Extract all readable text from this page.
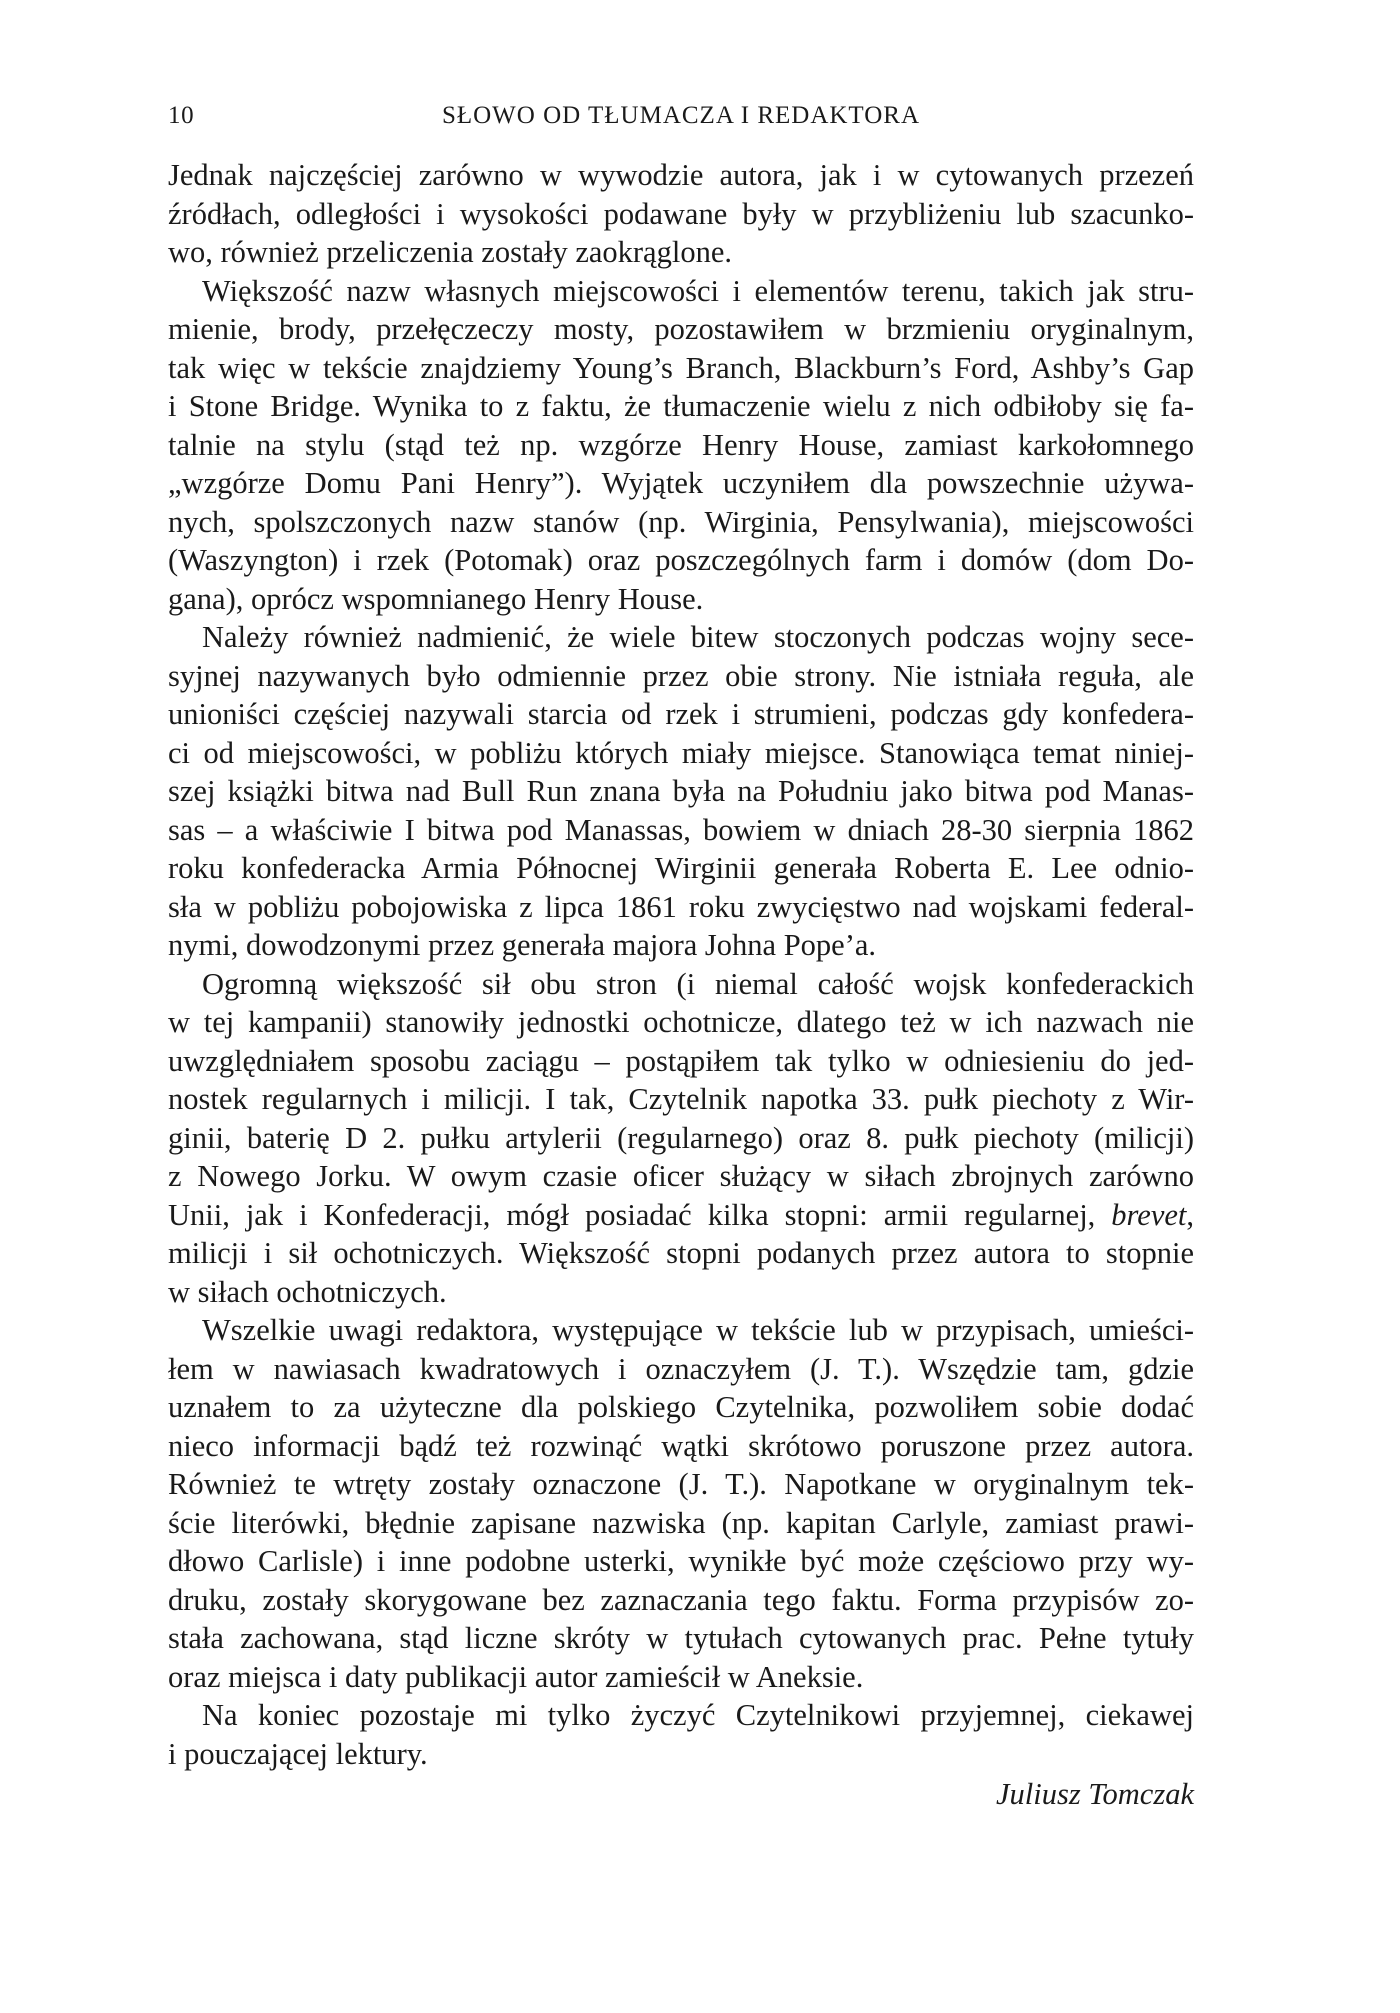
10	SŁOWO OD TŁUMACZA I REDAKTORA

Jednak najczęściej zarówno w wywodzie autora, jak i w cytowanych przezeń
źródłach, odległości i wysokości podawane były w przybliżeniu lub szacunko-
wo, również przeliczenia zostały zaokrąglone.

Większość nazw własnych miejscowości i elementów terenu, takich jak stru-
mienie, brody, przełęczeczy mosty, pozostawiłem w brzmieniu oryginalnym,
tak więc w tekście znajdziemy Young’s Branch, Blackburn’s Ford, Ashby’s Gap
i Stone Bridge. Wynika to z faktu, że tłumaczenie wielu z nich odbiłoby się fa-
talnie na stylu (stąd też np. wzgórze Henry House, zamiast karkołomnego
„wzgórze Domu Pani Henry”). Wyjątek uczyniłem dla powszechnie używa-
nych, spolszczonych nazw stanów (np. Wirginia, Pensylwania), miejscowości
(Waszyngton) i rzek (Potomak) oraz poszczególnych farm i domów (dom Do-
gana), oprócz wspomnianego Henry House.

Należy również nadmienić, że wiele bitew stoczonych podczas wojny sece-
syjnej nazywanych było odmiennie przez obie strony. Nie istniała reguła, ale
unioniści częściej nazywali starcia od rzek i strumieni, podczas gdy konfedera-
ci od miejscowości, w pobliżu których miały miejsce. Stanowiąca temat niniej-
szej książki bitwa nad Bull Run znana była na Południu jako bitwa pod Manas-
sas – a właściwie I bitwa pod Manassas, bowiem w dniach 28-30 sierpnia 1862
roku konfederacka Armia Północnej Wirginii generała Roberta E. Lee odnio-
sła w pobliżu pobojowiska z lipca 1861 roku zwycięstwo nad wojskami federal-
nymi, dowodzonymi przez generała majora Johna Pope’a.

Ogromną większość sił obu stron (i niemal całość wojsk konfederackich
w tej kampanii) stanowiły jednostki ochotnicze, dlatego też w ich nazwach nie
uwzględniałem sposobu zaciągu – postąpiłem tak tylko w odniesieniu do jed-
nostek regularnych i milicji. I tak, Czytelnik napotka 33. pułk piechoty z Wir-
ginii, baterię D 2. pułku artylerii (regularnego) oraz 8. pułk piechoty (milicji)
z Nowego Jorku. W owym czasie oficer służący w siłach zbrojnych zarówno
Unii, jak i Konfederacji, mógł posiadać kilka stopni: armii regularnej, brevet,
milicji i sił ochotniczych. Większość stopni podanych przez autora to stopnie
w siłach ochotniczych.

Wszelkie uwagi redaktora, występujące w tekście lub w przypisach, umieści-
łem w nawiasach kwadratowych i oznaczyłem (J. T.). Wszędzie tam, gdzie
uznałem to za użyteczne dla polskiego Czytelnika, pozwoliłem sobie dodać
nieco informacji bądź też rozwinąć wątki skrótowo poruszone przez autora.
Również te wtręty zostały oznaczone (J. T.). Napotkane w oryginalnym tek-
ście literówki, błędnie zapisane nazwiska (np. kapitan Carlyle, zamiast prawi-
dłowo Carlisle) i inne podobne usterki, wynikłe być może częściowo przy wy-
druku, zostały skorygowane bez zaznaczania tego faktu. Forma przypisów zo-
stała zachowana, stąd liczne skróty w tytułach cytowanych prac. Pełne tytuły
oraz miejsca i daty publikacji autor zamieścił w Aneksie.

Na koniec pozostaje mi tylko życzyć Czytelnikowi przyjemnej, ciekawej
i pouczającej lektury.

Juliusz Tomczak
